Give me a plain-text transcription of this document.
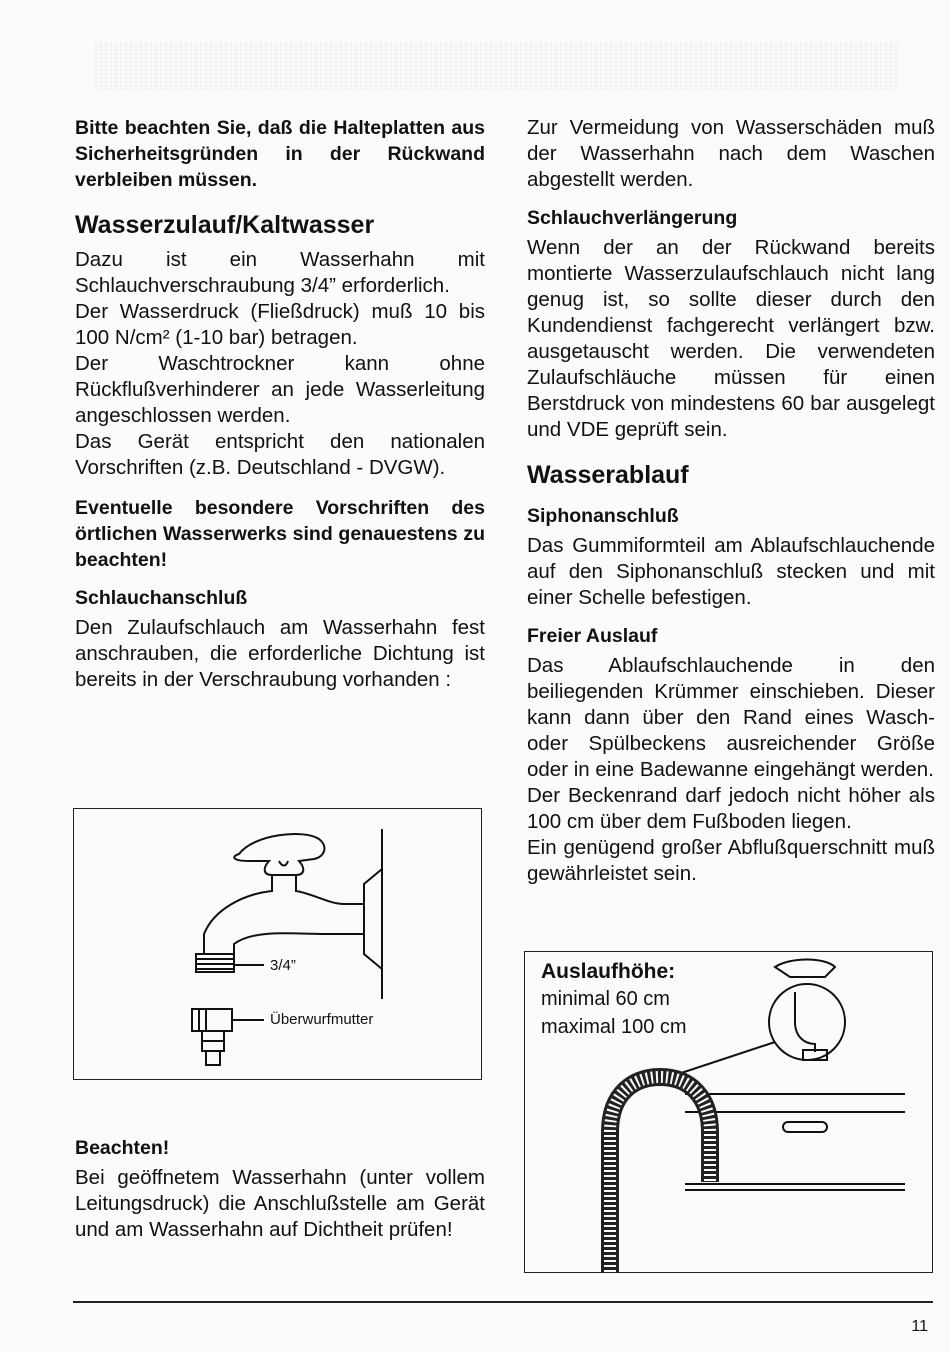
Bitte beachten Sie, daß die Halteplatten aus Sicherheitsgründen in der Rückwand verbleiben müssen.

Wasserzulauf/Kaltwasser

Dazu ist ein Wasserhahn mit Schlauchverschraubung 3/4” erforderlich.

Der Wasserdruck (Fließdruck) muß 10 bis 100 N/cm² (1-10 bar) betragen.

Der Waschtrockner kann ohne Rückflußverhinderer an jede Wasserleitung angeschlossen werden.

Das Gerät entspricht den nationalen Vorschriften (z.B. Deutschland - DVGW).

Eventuelle besondere Vorschriften des örtlichen Wasserwerks sind genauestens zu beachten!

Schlauchanschluß

Den Zulaufschlauch am Wasserhahn fest anschrauben, die erforderliche Dichtung ist bereits in der Verschraubung vorhanden :

3/4”
Überwurfmutter
Beachten!

Bei geöffnetem Wasserhahn (unter vollem Leitungsdruck) die Anschlußstelle am Gerät und am Wasserhahn auf Dichtheit prüfen!

Zur Vermeidung von Wasserschäden muß der Wasserhahn nach dem Waschen abgestellt werden.

Schlauchverlängerung

Wenn der an der Rückwand bereits montierte Wasserzulaufschlauch nicht lang genug ist, so sollte dieser durch den Kundendienst fachgerecht verlängert bzw. ausgetauscht werden. Die verwendeten Zulaufschläuche müssen für einen Berstdruck von mindestens 60 bar ausgelegt und VDE geprüft sein.

Wasserablauf
Siphonanschluß

Das Gummiformteil am Ablaufschlauchende auf den Siphonanschluß stecken und mit einer Schelle befestigen.

Freier Auslauf

Das Ablaufschlauchende in den beiliegenden Krümmer einschieben. Dieser kann dann über den Rand eines Wasch- oder Spülbeckens ausreichender Größe oder in eine Badewanne eingehängt werden.

Der Beckenrand darf jedoch nicht höher als 100 cm über dem Fußboden liegen.

Ein genügend großer Abflußquerschnitt muß gewährleistet sein.

Auslaufhöhe:
minimal 60 cm
maximal 100 cm
11
